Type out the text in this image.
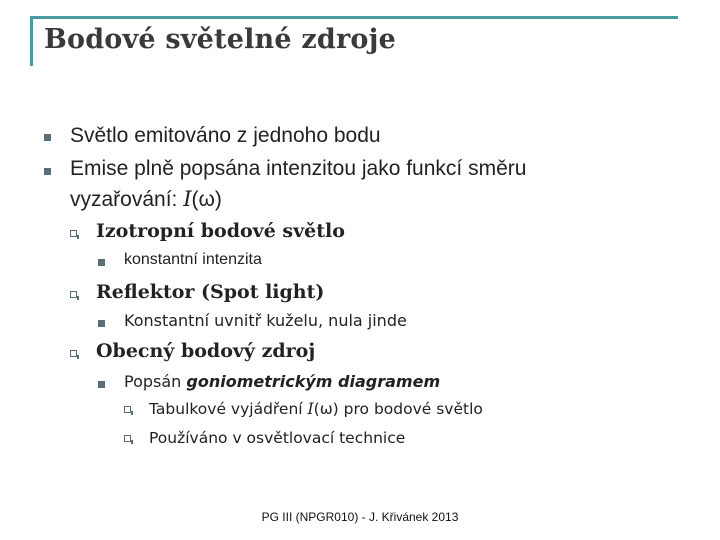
Bodové světelné zdroje
Světlo emitováno z jednoho bodu
Emise plně popsána intenzitou jako funkcí směru
vyzařování: I(ω)
Izotropní bodové světlo
konstantní intenzita
Reflektor (Spot light)
Konstantní uvnitř kuželu, nula jinde
Obecný bodový zdroj
Popsán goniometrickým diagramem
Tabulkové vyjádření I(ω) pro bodové světlo
Používáno v osvětlovací technice
PG III (NPGR010) - J. Křivánek 2013
